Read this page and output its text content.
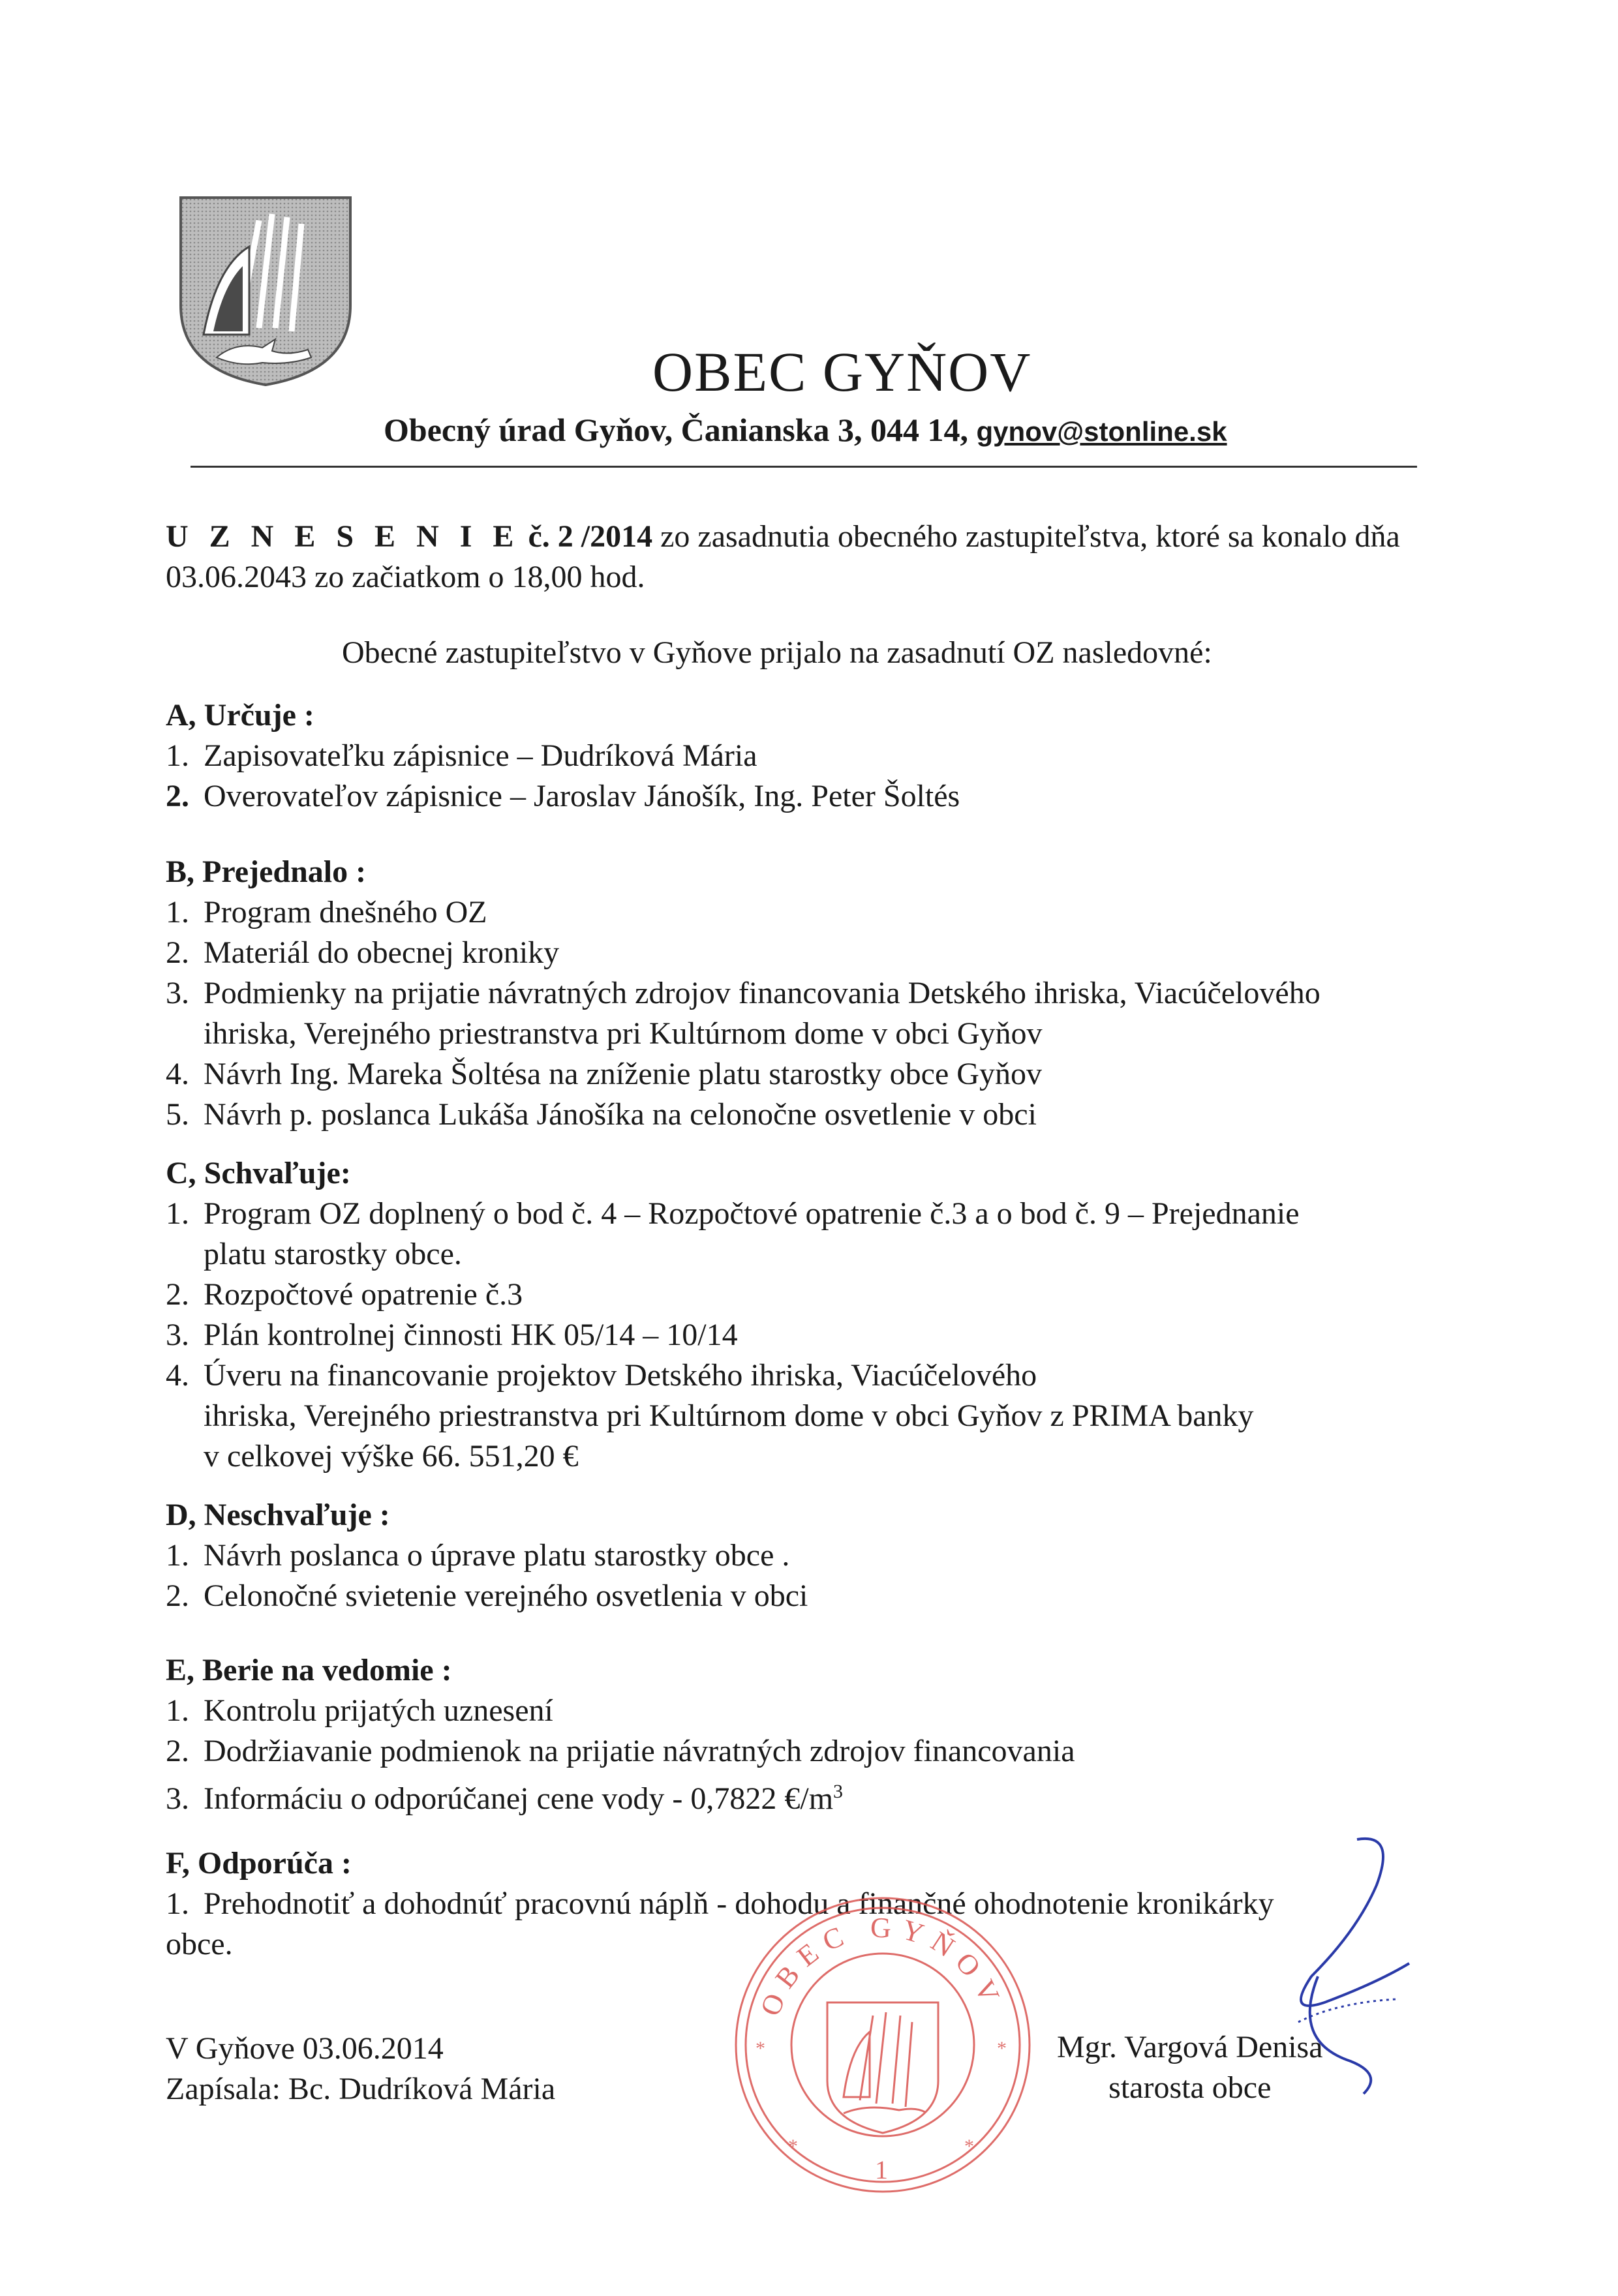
OBEC GYŇOV
Obecný úrad Gyňov, Čanianska 3, 044 14, gynov@stonline.sk
U Z N E S E N I E č. 2 /2014 zo zasadnutia obecného zastupiteľstva, ktoré sa konalo dňa
03.06.2043 zo začiatkom o 18,00 hod.
Obecné zastupiteľstvo v Gyňove prijalo na zasadnutí OZ nasledovné:
A, Určuje :
1. Zapisovateľku zápisnice – Dudríková Mária
2. Overovateľov zápisnice – Jaroslav Jánošík, Ing. Peter Šoltés
B, Prejednalo :
1. Program dnešného OZ
2. Materiál do obecnej kroniky
3. Podmienky na prijatie návratných zdrojov financovania Detského ihriska, Viacúčelového
ihriska, Verejného priestranstva pri Kultúrnom dome v obci Gyňov
4. Návrh Ing. Mareka Šoltésa na zníženie platu starostky obce Gyňov
5. Návrh p. poslanca Lukáša Jánošíka na celonočne osvetlenie v obci
C, Schvaľuje:
1. Program OZ doplnený o bod č. 4 – Rozpočtové opatrenie č.3 a o bod č. 9 – Prejednanie
platu starostky obce.
2. Rozpočtové opatrenie č.3
3. Plán kontrolnej činnosti HK 05/14 – 10/14
4. Úveru na financovanie projektov Detského ihriska, Viacúčelového
ihriska, Verejného priestranstva pri Kultúrnom dome v obci Gyňov z PRIMA banky
v celkovej výške 66. 551,20 €
D, Neschvaľuje :
1. Návrh poslanca o úprave platu starostky obce .
2. Celonočné svietenie verejného osvetlenia v obci
E, Berie na vedomie :
1. Kontrolu prijatých uznesení
2. Dodržiavanie podmienok na prijatie návratných zdrojov financovania
3. Informáciu o odporúčanej cene vody - 0,7822 $€/m^3$
F, Odporúča :
1. Prehodnotiť a dohodnúť pracovnú náplň - dohodu a finančné ohodnotenie kronikárky
obce.
OBEC GYŇOV
1
*	*
*	*
V Gyňove 03.06.2014
Zapísala: Bc. Dudríková Mária
Mgr. Vargová Denisa
starosta obce
